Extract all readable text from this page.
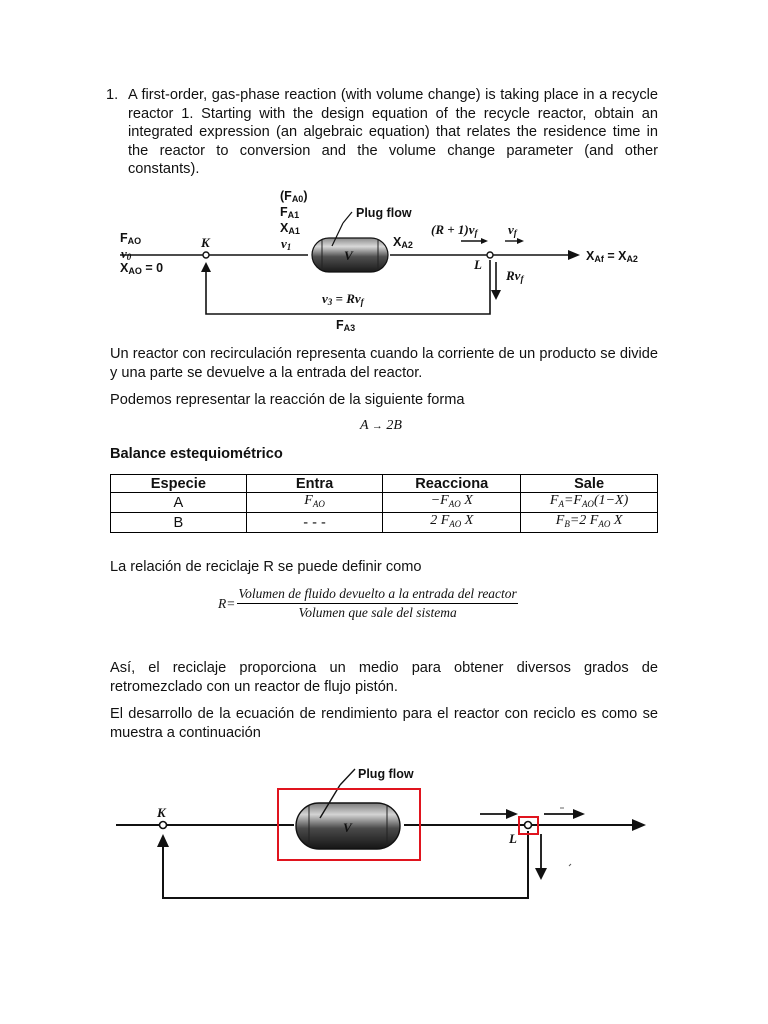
1. A first-order, gas-phase reaction (with volume change) is taking place in a recycle reactor 1. Starting with the design equation of the recycle reactor, obtain an integrated expression (an algebraic equation) that relates the residence time in the reactor to conversion and the volume change parameter (and other constants).
FAO
v0
XAO = 0
K
L
(FA0)
FA1
XA1
v1
Plug flow
V
XA2
(R + 1)vf vf
XAf = XA2
Rvf
v3 = Rvf
FA3
Plug flow
K
L
V
Un reactor con recirculación representa cuando la corriente de un producto se divide y una parte se devuelve a la entrada del reactor.
Podemos representar la reacción de la siguiente forma
A → 2B
Balance estequiométrico
Especie	Entra	Reacciona	Sale
A	$F_{AO}$	$-F_{AO}$ X	$F_A=F_{AO}(1-X)$
B	- - -	2 $F_{AO}$ X	$F_B=2$ $F_{AO}$ X
La relación de reciclaje R se puede definir como
$R= \frac{\text{Volumen de fluido devuelto a la entrada del reactor}}{\text{Volumen que sale del sistema}}$
Así, el reciclaje proporciona un medio para obtener diversos grados de retromezclado con un reactor de flujo pistón.
El desarrollo de la ecuación de rendimiento para el reactor con reciclo es como se muestra a continuación
